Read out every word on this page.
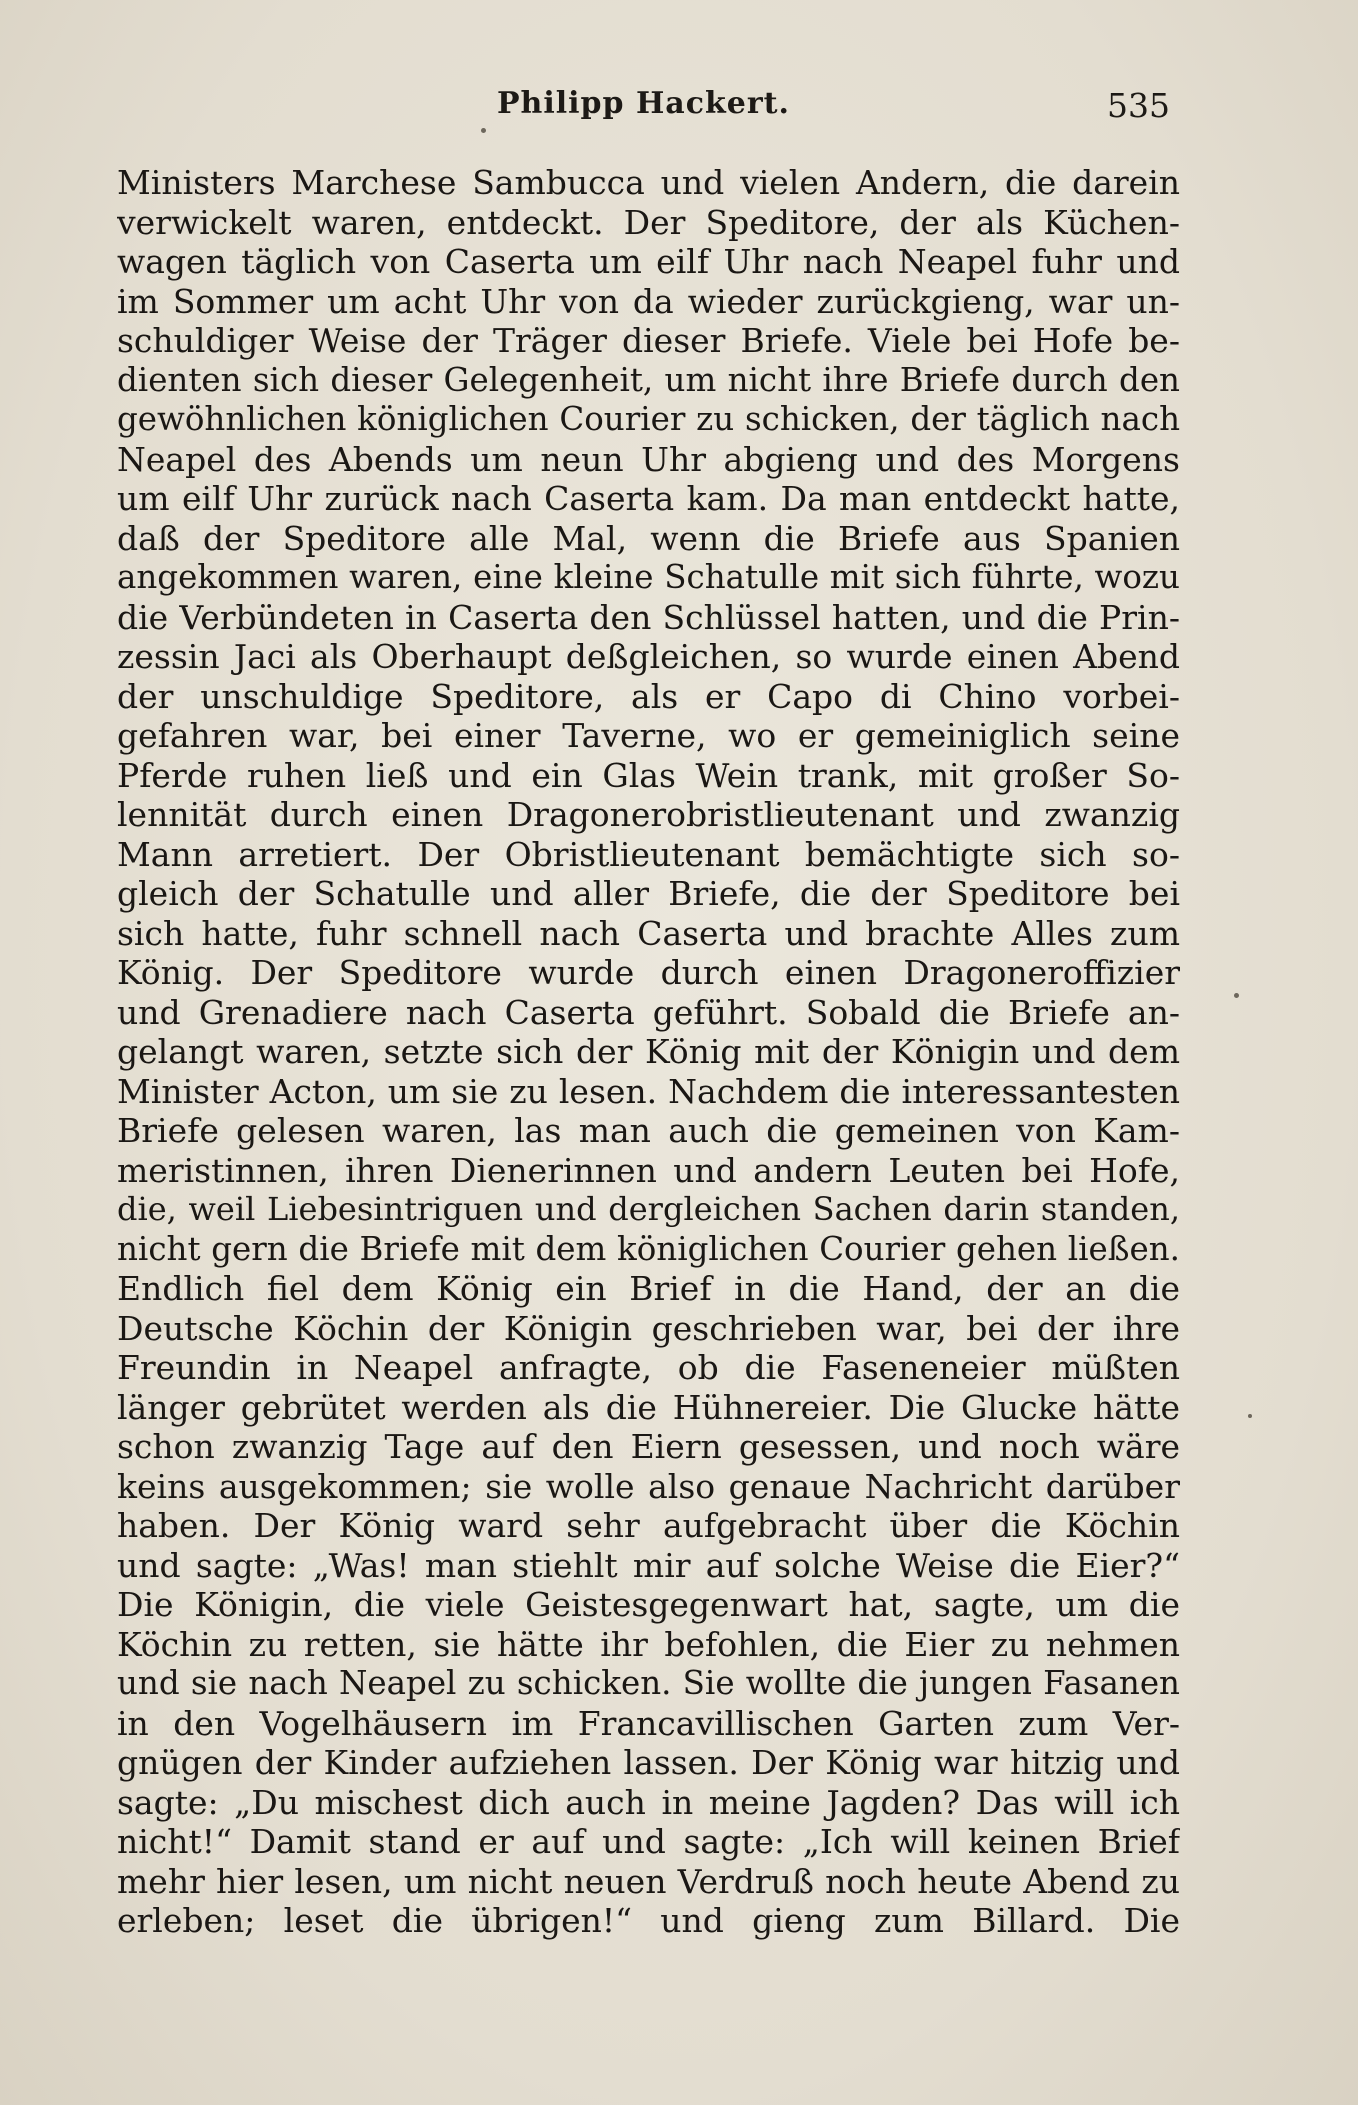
Philipp Hackert.	535
Ministers Marchese Sambucca und vielen Andern, die darein
verwickelt waren, entdeckt. Der Speditore, der als Küchen-
wagen täglich von Caserta um eilf Uhr nach Neapel fuhr und
im Sommer um acht Uhr von da wieder zurückgieng, war un-
schuldiger Weise der Träger dieser Briefe. Viele bei Hofe be-
dienten sich dieser Gelegenheit, um nicht ihre Briefe durch den
gewöhnlichen königlichen Courier zu schicken, der täglich nach
Neapel des Abends um neun Uhr abgieng und des Morgens
um eilf Uhr zurück nach Caserta kam. Da man entdeckt hatte,
daß der Speditore alle Mal, wenn die Briefe aus Spanien
angekommen waren, eine kleine Schatulle mit sich führte, wozu
die Verbündeten in Caserta den Schlüssel hatten, und die Prin-
zessin Jaci als Oberhaupt deßgleichen, so wurde einen Abend
der unschuldige Speditore, als er Capo di Chino vorbei-
gefahren war, bei einer Taverne, wo er gemeiniglich seine
Pferde ruhen ließ und ein Glas Wein trank, mit großer So-
lennität durch einen Dragonerobristlieutenant und zwanzig
Mann arretiert. Der Obristlieutenant bemächtigte sich so-
gleich der Schatulle und aller Briefe, die der Speditore bei
sich hatte, fuhr schnell nach Caserta und brachte Alles zum
König. Der Speditore wurde durch einen Dragoneroffizier
und Grenadiere nach Caserta geführt. Sobald die Briefe an-
gelangt waren, setzte sich der König mit der Königin und dem
Minister Acton, um sie zu lesen. Nachdem die interessantesten
Briefe gelesen waren, las man auch die gemeinen von Kam-
meristinnen, ihren Dienerinnen und andern Leuten bei Hofe,
die, weil Liebesintriguen und dergleichen Sachen darin standen,
nicht gern die Briefe mit dem königlichen Courier gehen ließen.
Endlich fiel dem König ein Brief in die Hand, der an die
Deutsche Köchin der Königin geschrieben war, bei der ihre
Freundin in Neapel anfragte, ob die Faseneneier müßten
länger gebrütet werden als die Hühnereier. Die Glucke hätte
schon zwanzig Tage auf den Eiern gesessen, und noch wäre
keins ausgekommen; sie wolle also genaue Nachricht darüber
haben. Der König ward sehr aufgebracht über die Köchin
und sagte: „Was! man stiehlt mir auf solche Weise die Eier?“
Die Königin, die viele Geistesgegenwart hat, sagte, um die
Köchin zu retten, sie hätte ihr befohlen, die Eier zu nehmen
und sie nach Neapel zu schicken. Sie wollte die jungen Fasanen
in den Vogelhäusern im Francavillischen Garten zum Ver-
gnügen der Kinder aufziehen lassen. Der König war hitzig und
sagte: „Du mischest dich auch in meine Jagden? Das will ich
nicht!“ Damit stand er auf und sagte: „Ich will keinen Brief
mehr hier lesen, um nicht neuen Verdruß noch heute Abend zu
erleben; leset die übrigen!“ und gieng zum Billard. Die
